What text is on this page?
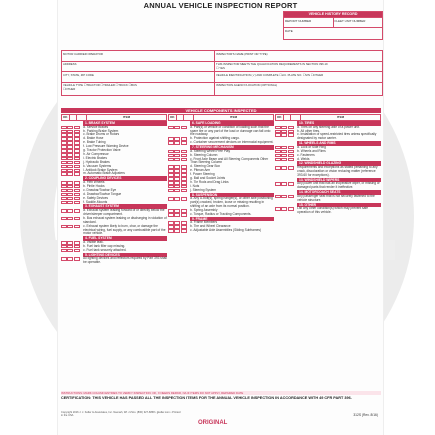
ANNUAL VEHICLE INSPECTION REPORT
VEHICLE HISTORY RECORD
REPORT NUMBER	FLEET UNIT NUMBER
DATE
MOTOR CARRIER OPERATOR	INSPECTOR'S NAME (PRINT OR TYPE)
ADDRESS	THIS INSPECTOR MEETS THE QUALIFICATION REQUIREMENTS IN SECTION 396.19
☐ YES
CITY, STATE, ZIP CODE	VEHICLE IDENTIFICATION (✓) AND COMPLETE ☐LIC. PLATE NO. ☐VIN ☐OTHER
VEHICLE TYPE ☐TRACTOR ☐TRAILER ☐TRUCK ☐BUS
☐OTHER
INSPECTION AGENCY/LOCATION (OPTIONAL)
VEHICLE COMPONENTS INSPECTED
OK	ITEM
1. BRAKE SYSTEM
a. Service Brakes
b. Parking Brake System
c. Brake Drums or Rotors
d. Brake Hose
e. Brake Tubing
f. Low Pressure Warning Device
g. Tractor Protection Valve
h. Air Compressor
i. Electric Brakes
j. Hydraulic Brakes
k. Vacuum Systems
l. Antilock Brake System
m. Automatic Brake Adjusters
2. COUPLING DEVICES
a. Fifth Wheels
b. Pintle Hooks
c. Drawbar/Towbar Eye
d. Drawbar/Towbar Tongue
e. Safety Devices
f. Saddle-Mounts
3. EXHAUST SYSTEM
a. Exhaust system leaking forward of or directly below the driver/sleeper compartment.
b. Bus exhaust system leaking or discharging in violation of standard.
c. Exhaust system likely to burn, char, or damage the electrical wiring, fuel supply, or any combustible part of the motor vehicle.
4. FUEL SYSTEM
a. Visible leak.
b. Fuel tank filler cap missing.
c. Fuel tank securely attached.
5. LIGHTING DEVICES
All lighting devices and reflectors required by Part 393 shall be operable.
OK	ITEM
6. SAFE LOADING
a. Part(s) of vehicle or condition of loading such that the spare tire or any part of the load or dunnage can fall onto the roadway.
b. Protection against shifting cargo.
c. Container securement devices on intermodal equipment.
7. STEERING MECHANISM
a. Steering Wheel Free Play
b. Steering Column
c. Front Axle Beam and All Steering Components Other Than Steering Column
d. Steering Gear Box
e. Pitman Arm
f. Power Steering
g. Ball and Socket Joints
h. Tie Rods and Drag Links
i. Nuts
j. Steering System
8. SUSPENSION
a. Any U-bolt(s), spring hanger(s), or other axle positioning part(s) cracked, broken, loose or missing resulting in shifting of an axle from its normal position.
b. Spring Assembly
c. Torque, Radius or Tracking Components.
9. FRAME
a. Frame Members
b. Tire and Wheel Clearance
c. Adjustable Axle Assemblies (Sliding Subframes)
OK	ITEM
10. TIRES
a. Tires on any steering axle of a power unit.
b. All other tires.
c. Installation of speed-restricted tires unless specifically designated by motor carrier.
11. WHEELS AND RIMS
a. Lock or Side Ring
b. Wheels and Rims
c. Fasteners
d. Welds
12. WINDSHIELD GLAZING
Requirements and exceptions as stated pertaining to any crack, discoloration or vision reducing matter (reference 393.60 for exceptions).
13. WINDSHIELD WIPERS
Any power unit that has an inoperative wiper, or missing or damaged parts that render it ineffective.
14. MOTORCOACH SEATS
Any passenger seat that is not securely fastened to the vehicle structure.
15. OTHER
List any other condition(s) which may prevent safe operation of this vehicle.
INSTRUCTIONS: MARK COLUMN ENTRIES TO VERIFY INSPECTION: OK, X NEEDS REPAIR, NA IF ITEMS DO NOT APPLY, REPAIRED DATE
CERTIFICATION: THIS VEHICLE HAS PASSED ALL THE INSPECTION ITEMS FOR THE ANNUAL VEHICLE INSPECTION IN ACCORDANCE WITH 49 CFR PART 396.
Copyright 2016 J. J. Keller & Associates, Inc. Neenah, WI • USA • (800) 327-6868 • jjkeller.com • Printed in the USA
ORIGINAL
312S (Rev. 8/16)
